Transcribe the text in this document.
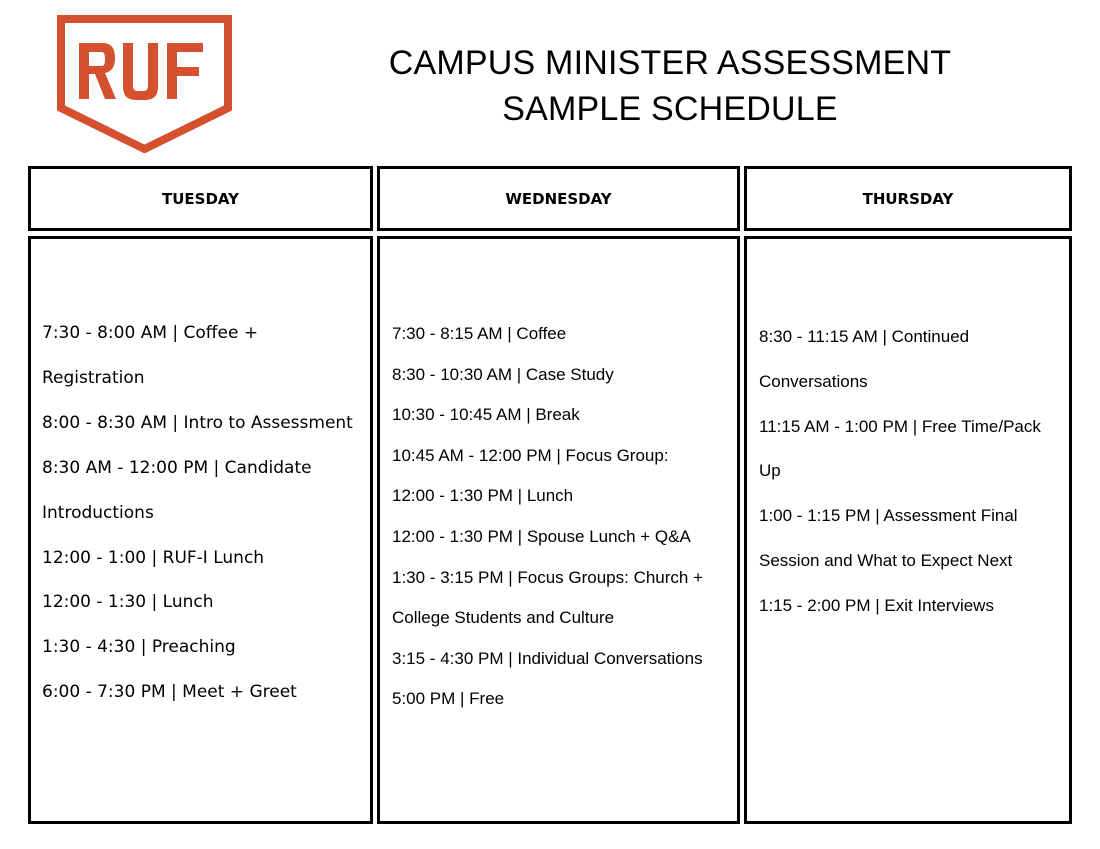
CAMPUS MINISTER ASSESSMENT
SAMPLE SCHEDULE
TUESDAY	WEDNESDAY	THURSDAY
7:30 - 8:00 AM | Coffee + Registration
8:00 - 8:30 AM | Intro to Assessment
8:30 AM - 12:00 PM | Candidate Introductions
12:00 - 1:00 | RUF-I Lunch
12:00 - 1:30 | Lunch
1:30 - 4:30 | Preaching
6:00 - 7:30 PM | Meet + Greet
7:30 - 8:15 AM | Coffee
8:30 - 10:30 AM | Case Study
10:30 - 10:45 AM | Break
10:45 AM - 12:00 PM | Focus Group:
12:00 - 1:30 PM | Lunch
12:00 - 1:30 PM | Spouse Lunch + Q&A
1:30 - 3:15 PM | Focus Groups: Church + College Students and Culture
3:15 - 4:30 PM | Individual Conversations
5:00 PM | Free
8:30 - 11:15 AM | Continued Conversations
11:15 AM - 1:00 PM | Free Time/Pack Up
1:00 - 1:15 PM | Assessment Final Session and What to Expect Next
1:15 - 2:00 PM | Exit Interviews
